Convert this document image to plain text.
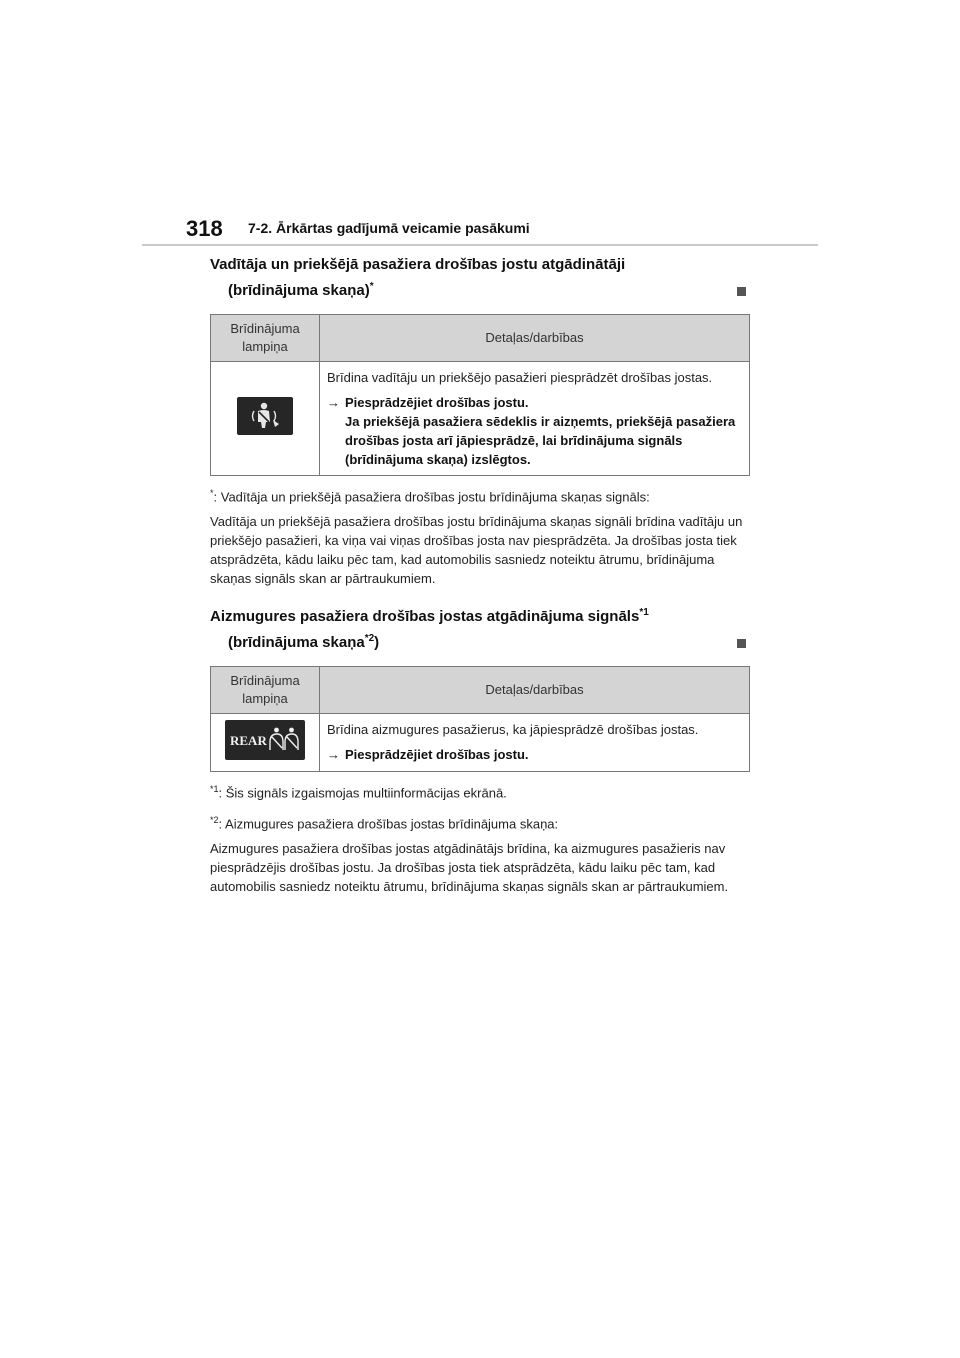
318 7-2. Ārkārtas gadījumā veicamie pasākumi
Vadītāja un priekšējā pasažiera drošības jostu atgādinātāji
(brīdinājuma skaņa)*
Brīdinājuma lampiņa	Detaļas/darbības

Brīdina vadītāju un priekšējo pasažieri piesprādzēt drošības jostas.
→ Piesprādzējiet drošības jostu.
Ja priekšējā pasažiera sēdeklis ir aizņemts, priekšējā pasažiera drošības josta arī jāpiesprādzē, lai brīdinājuma signāls (brīdinājuma skaņa) izslēgtos.
*: Vadītāja un priekšējā pasažiera drošības jostu brīdinājuma skaņas signāls:

Vadītāja un priekšējā pasažiera drošības jostu brīdinājuma skaņas signāli brīdina vadītāju un priekšējo pasažieri, ka viņa vai viņas drošības josta nav piesprādzēta. Ja drošības josta tiek atsprādzēta, kādu laiku pēc tam, kad automobilis sasniedz noteiktu ātrumu, brīdinājuma skaņas signāls skan ar pārtraukumiem.

Aizmugures pasažiera drošības jostas atgādinājuma signāls$^{*1}$
(brīdinājuma skaņa$^{*2}$)
Brīdinājuma lampiņa	Detaļas/darbības

REAR	Brīdina aizmugures pasažierus, ka jāpiesprādzē drošības jostas.
→ Piesprādzējiet drošības jostu.
$^{*1}$: Šis signāls izgaismojas multiinformācijas ekrānā.
$^{*2}$: Aizmugures pasažiera drošības jostas brīdinājuma skaņa:

Aizmugures pasažiera drošības jostas atgādinātājs brīdina, ka aizmugures pasažieris nav piesprādzējis drošības jostu. Ja drošības josta tiek atsprādzēta, kādu laiku pēc tam, kad automobilis sasniedz noteiktu ātrumu, brīdinājuma skaņas signāls skan ar pārtraukumiem.
